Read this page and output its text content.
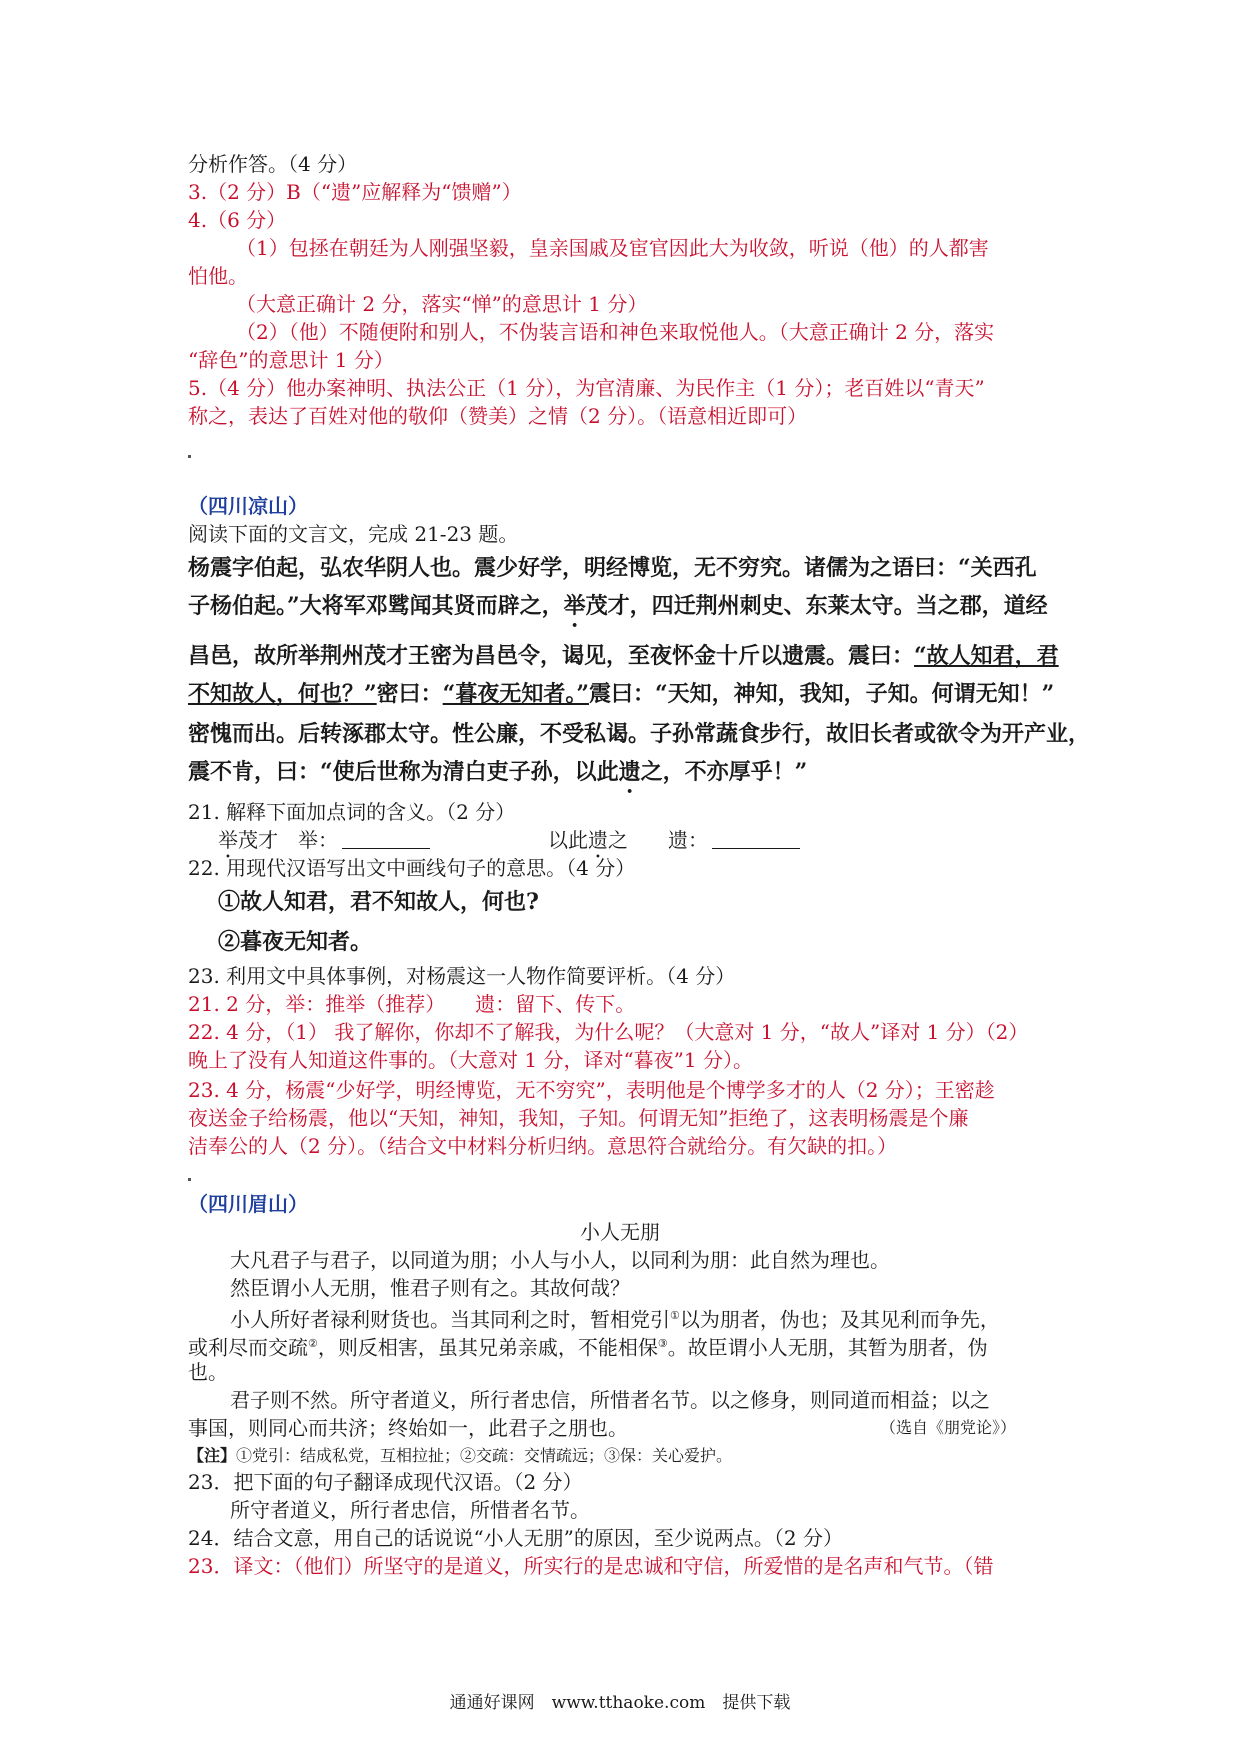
分析作答。（4 分）
3.（2 分）B（“遗”应解释为“馈赠”）
4.（6 分）
（1）包拯在朝廷为人刚强坚毅，皇亲国戚及宦官因此大为收敛，听说（他）的人都害
怕他。
（大意正确计 2 分，落实“惮”的意思计 1 分）
（2）（他）不随便附和别人，不伪装言语和神色来取悦他人。（大意正确计 2 分，落实
“辞色”的意思计 1 分）
5.（4 分）他办案神明、执法公正（1 分），为官清廉、为民作主（1 分）；老百姓以“青天”
称之，表达了百姓对他的敬仰（赞美）之情（2 分）。（语意相近即可）
（四川凉山）
阅读下面的文言文，完成 21-23 题。
杨震字伯起，弘农华阴人也。震少好学，明经博览，无不穷究。诸儒为之语曰：“关西孔
子杨伯起。”大将军邓骘闻其贤而辟之，举茂才，四迁荆州刺史、东莱太守。当之郡，道经
昌邑，故所举荆州茂才王密为昌邑令，谒见，至夜怀金十斤以遗震。震曰：“故人知君，君
不知故人，何也？”密曰：“暮夜无知者。”震曰：“天知，神知，我知，子知。何谓无知！”
密愧而出。后转涿郡太守。性公廉，不受私谒。子孙常蔬食步行，故旧长者或欲令为开产业，
震不肯，曰：“使后世称为清白吏子孙，以此遗之，不亦厚乎！”
21. 解释下面加点词的含义。（2 分）
举茂才　 举：	以此遗之　　 遗：
22. 用现代汉语写出文中画线句子的意思。（4 分）
①故人知君，君不知故人，何也?
②暮夜无知者。
23. 利用文中具体事例，对杨震这一人物作简要评析。（4 分）
21. 2 分，举：推举（推荐）　　遗：留下、传下。
22. 4 分，（1） 我了解你，你却不了解我，为什么呢？（大意对 1 分，“故人”译对 1 分）（2）
晚上了没有人知道这件事的。（大意对 1 分，译对“暮夜”1 分）。
23. 4 分，杨震“少好学，明经博览，无不穷究”，表明他是个博学多才的人（2 分）；王密趁
夜送金子给杨震，他以“天知，神知，我知，子知。何谓无知”拒绝了，这表明杨震是个廉
洁奉公的人（2 分）。（结合文中材料分析归纳。意思符合就给分。有欠缺的扣。）
（四川眉山）
小人无朋
大凡君子与君子，以同道为朋；小人与小人，以同利为朋：此自然为理也。
然臣谓小人无朋，惟君子则有之。其故何哉？
小人所好者禄利财货也。当其同利之时，暂相党引①以为朋者，伪也；及其见利而争先，
或利尽而交疏②，则反相害，虽其兄弟亲戚，不能相保③。故臣谓小人无朋，其暂为朋者，伪
也。
君子则不然。所守者道义，所行者忠信，所惜者名节。以之修身，则同道而相益；以之
事国，则同心而共济；终始如一，此君子之朋也。	（选自《朋党论》）
【注】①党引：结成私党，互相拉扯；②交疏：交情疏远；③保：关心爱护。
23．把下面的句子翻译成现代汉语。（2 分）
所守者道义，所行者忠信，所惜者名节。
24．结合文意，用自己的话说说“小人无朋”的原因，至少说两点。（2 分）
23．译文：（他们）所坚守的是道义，所实行的是忠诚和守信，所爱惜的是名声和气节。（错
通通好课网　www.tthaoke.com　提供下载
